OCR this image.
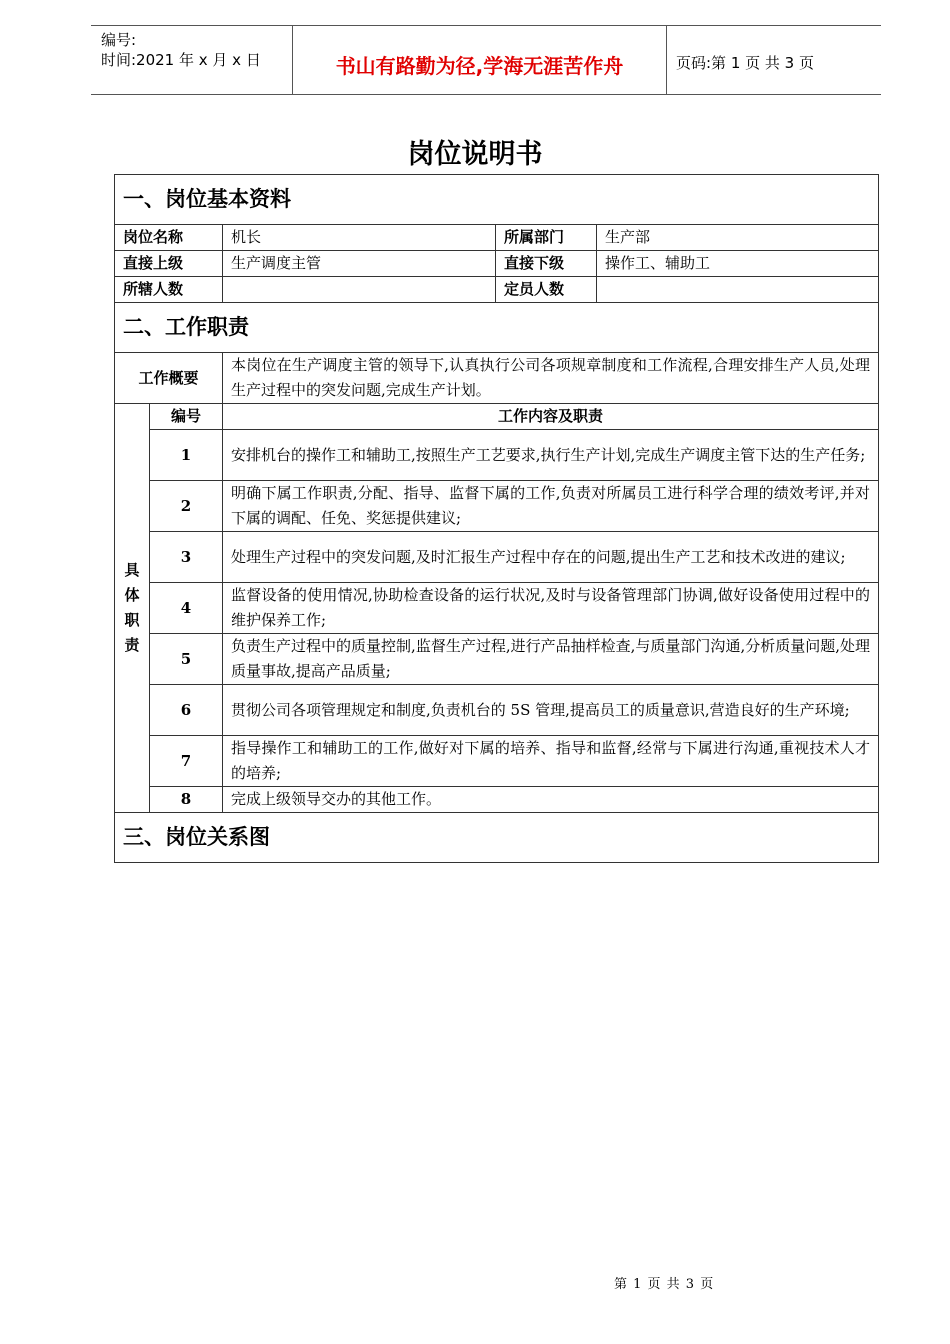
编号:
时间:2021 年 x 月 x 日	书山有路勤为径,学海无涯苦作舟	页码:第 1 页 共 3 页
岗位说明书
一、岗位基本资料				
岗位名称		机长	所属部门	生产部
直接上级		生产调度主管	直接下级	操作工、辅助工
所辖人数			定员人数	
二、工作职责				
工作概要		本岗位在生产调度主管的领导下,认真执行公司各项规章制度和工作流程,合理安排生产人员,处理生产过程中的突发问题,完成生产计划。		
具
体
职
责	编号	工作内容及职责		
	1	安排机台的操作工和辅助工,按照生产工艺要求,执行生产计划,完成生产调度主管下达的生产任务;		
	2	明确下属工作职责,分配、指导、监督下属的工作,负责对所属员工进行科学合理的绩效考评,并对下属的调配、任免、奖惩提供建议;		
	3	处理生产过程中的突发问题,及时汇报生产过程中存在的问题,提出生产工艺和技术改进的建议;		
	4	监督设备的使用情况,协助检查设备的运行状况,及时与设备管理部门协调,做好设备使用过程中的维护保养工作;		
	5	负责生产过程中的质量控制,监督生产过程,进行产品抽样检查,与质量部门沟通,分析质量问题,处理质量事故,提高产品质量;		
	6	贯彻公司各项管理规定和制度,负责机台的 5S 管理,提高员工的质量意识,营造良好的生产环境;		
	7	指导操作工和辅助工的工作,做好对下属的培养、指导和监督,经常与下属进行沟通,重视技术人才的培养;		
	8	完成上级领导交办的其他工作。		
三、岗位关系图				
第 1 页 共 3 页
